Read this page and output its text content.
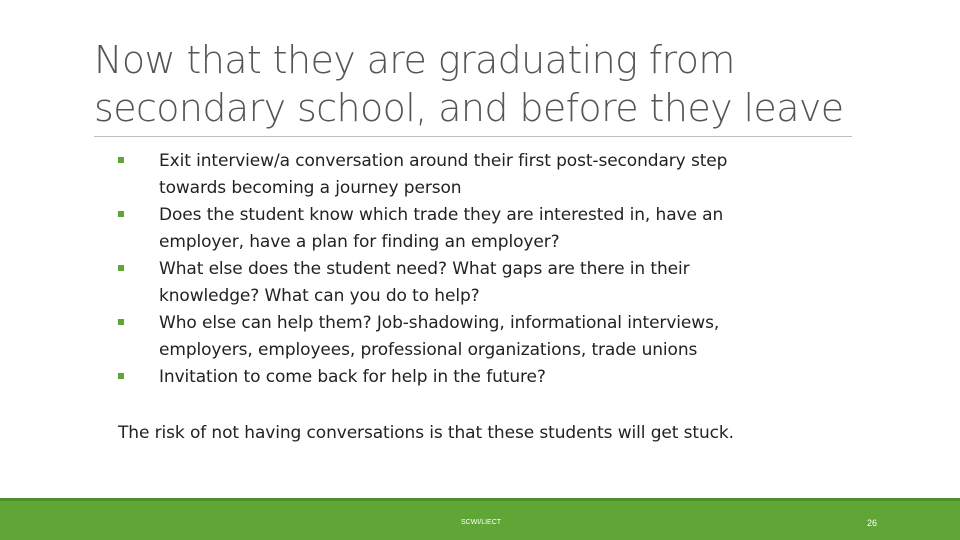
Now that they are graduating from
secondary school, and before they leave
Exit interview/a conversation around their first post-secondary step
towards becoming a journey person
Does the student know which trade they are interested in, have an
employer, have a plan for finding an employer?
What else does the student need? What gaps are there in their
knowledge? What can you do to help?
Who else can help them? Job-shadowing, informational interviews,
employers, employees, professional organizations, trade unions
Invitation to come back for help in the future?
The risk of not having conversations is that these students will get stuck.
SCWI/LIECT	26
